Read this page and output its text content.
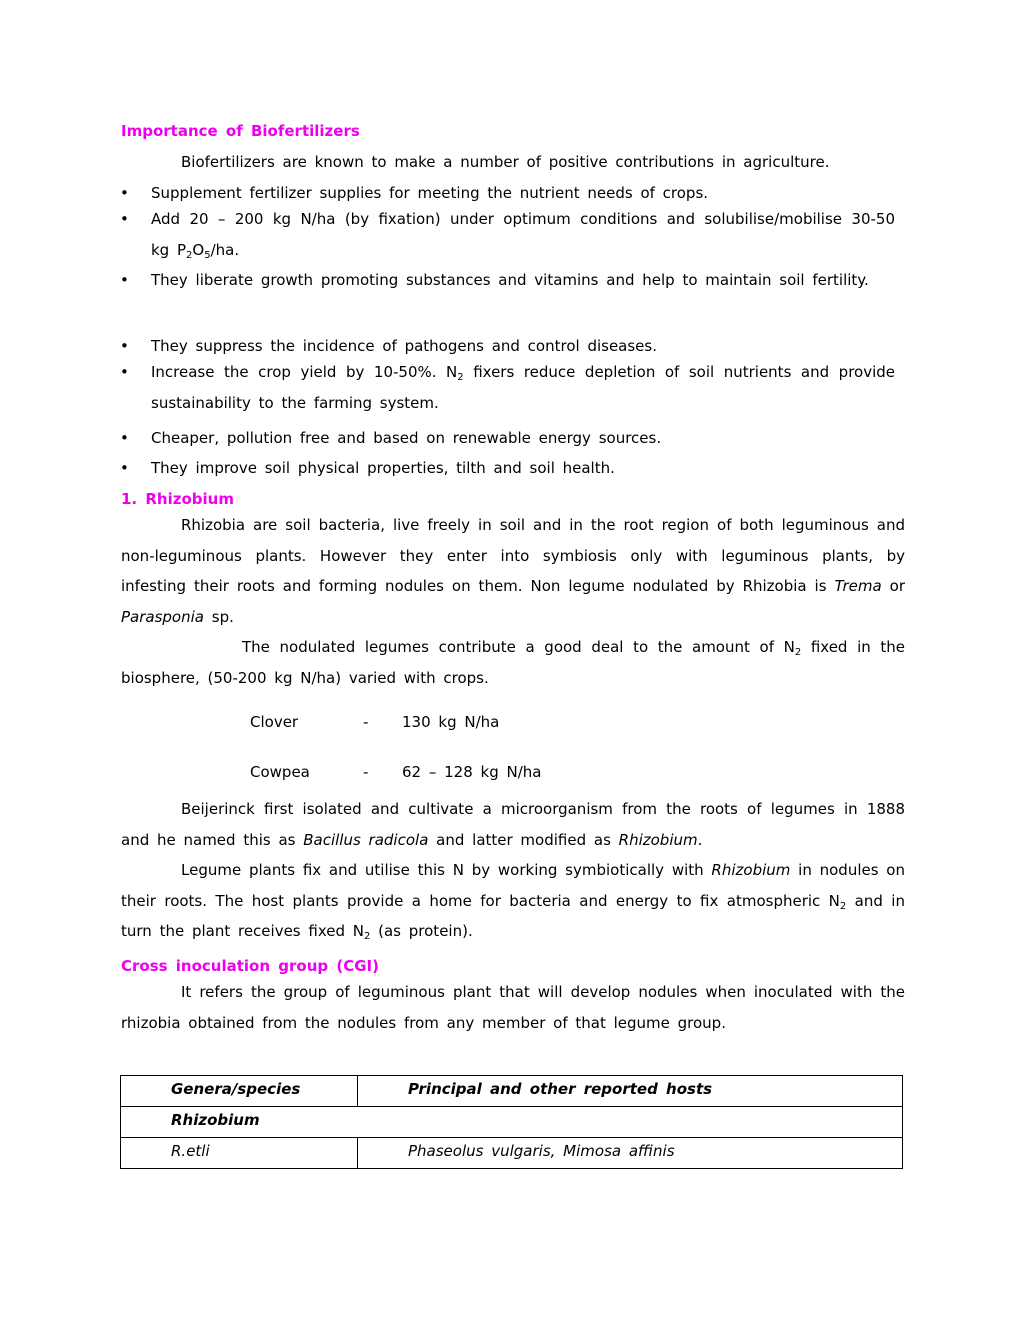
Importance of Biofertilizers
Biofertilizers are known to make a number of positive contributions in agriculture.
• Supplement fertilizer supplies for meeting the nutrient needs of crops.
• Add 20 – 200 kg N/ha (by fixation) under optimum conditions and solubilise/mobilise 30-50 kg $P_2O_5/ha$.

• They liberate growth promoting substances and vitamins and help to maintain soil fertility.

• They suppress the incidence of pathogens and control diseases.
• Increase the crop yield by 10-50%. $N_2$ fixers reduce depletion of soil nutrients and provide sustainability to the farming system.

• Cheaper, pollution free and based on renewable energy sources.
• They improve soil physical properties, tilth and soil health.
1. Rhizobium

Rhizobia are soil bacteria, live freely in soil and in the root region of both leguminous and non-leguminous plants. However they enter into symbiosis only with leguminous plants, by infesting their roots and forming nodules on them. Non legume nodulated by Rhizobia is Trema or Parasponia sp.

The nodulated legumes contribute a good deal to the amount of $N_2$ fixed in the biosphere, (50-200 kg N/ha) varied with crops.

Clover	- 130 kg N/ha
Cowpea	- 62 – 128 kg N/ha

Beijerinck first isolated and cultivate a microorganism from the roots of legumes in 1888 and he named this as Bacillus radicola and latter modified as Rhizobium.

Legume plants fix and utilise this N by working symbiotically with Rhizobium in nodules on their roots. The host plants provide a home for bacteria and energy to fix atmospheric $N_2$ and in turn the plant receives fixed $N_2$ (as protein).

Cross inoculation group (CGI)

It refers the group of leguminous plant that will develop nodules when inoculated with the rhizobia obtained from the nodules from any member of that legume group.

Genera/species	Principal and other reported hosts

Rhizobium	

R.etli	Phaseolus vulgaris, Mimosa affinis
